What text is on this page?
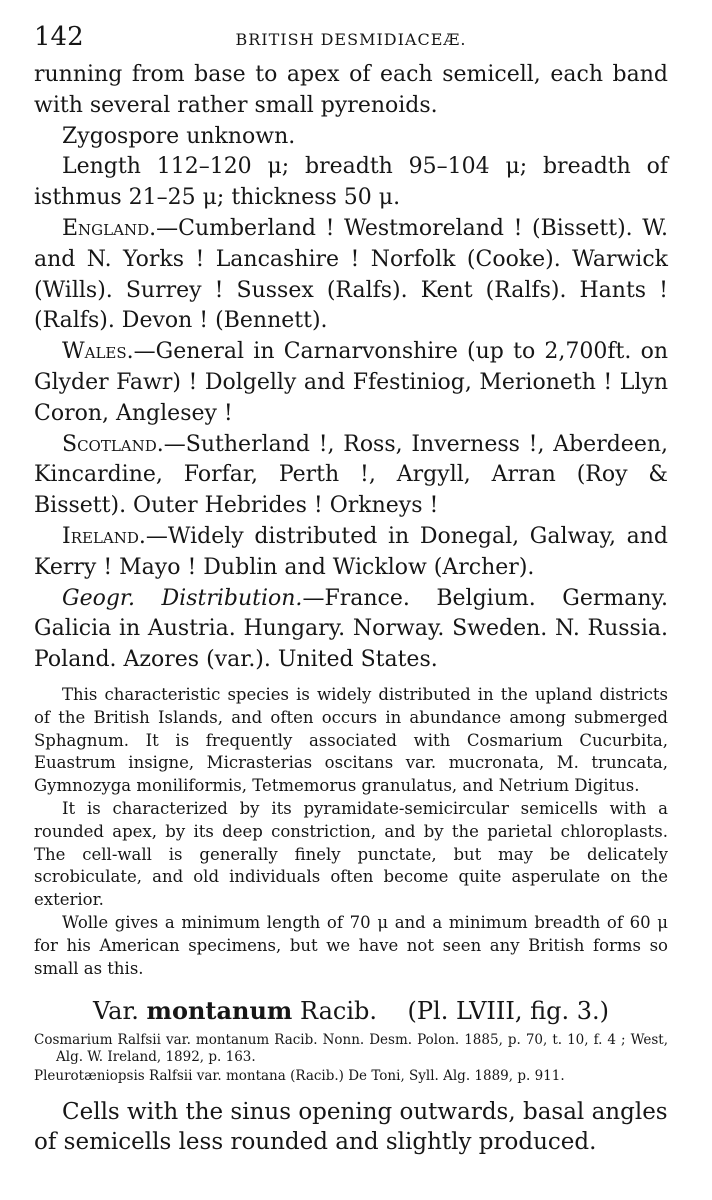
142	BRITISH DESMIDIACEÆ.

running from base to apex of each semicell, each band with several rather small pyrenoids.

Zygospore unknown.

Length 112–120 μ; breadth 95–104 μ; breadth of isthmus 21–25 μ; thickness 50 μ.

England.—Cumberland ! Westmoreland ! (Bissett). W. and N. Yorks ! Lancashire ! Norfolk (Cooke). Warwick (Wills). Surrey ! Sussex (Ralfs). Kent (Ralfs). Hants ! (Ralfs). Devon ! (Bennett).

Wales.—General in Carnarvonshire (up to 2,700ft. on Glyder Fawr) ! Dolgelly and Ffestiniog, Merioneth ! Llyn Coron, Anglesey !

Scotland.—Sutherland !, Ross, Inverness !, Aberdeen, Kincardine, Forfar, Perth !, Argyll, Arran (Roy & Bissett). Outer Hebrides ! Orkneys !

Ireland.—Widely distributed in Donegal, Galway, and Kerry ! Mayo ! Dublin and Wicklow (Archer).

Geogr. Distribution.—France. Belgium. Germany. Galicia in Austria. Hungary. Norway. Sweden. N. Russia. Poland. Azores (var.). United States.

This characteristic species is widely distributed in the upland districts of the British Islands, and often occurs in abundance among submerged Sphagnum. It is frequently associated with Cosmarium Cucurbita, Euastrum insigne, Micrasterias oscitans var. mucronata, M. truncata, Gymnozyga moniliformis, Tetmemorus granulatus, and Netrium Digitus.

It is characterized by its pyramidate-semicircular semicells with a rounded apex, by its deep constriction, and by the parietal chloroplasts. The cell-wall is generally finely punctate, but may be delicately scrobiculate, and old individuals often become quite asperulate on the exterior.

Wolle gives a minimum length of 70 μ and a minimum breadth of 60 μ for his American specimens, but we have not seen any British forms so small as this.

Var. montanum Racib. (Pl. LVIII, fig. 3.)

Cosmarium Ralfsii var. montanum Racib. Nonn. Desm. Polon. 1885, p. 70, t. 10, f. 4 ; West, Alg. W. Ireland, 1892, p. 163.

Pleurotæniopsis Ralfsii var. montana (Racib.) De Toni, Syll. Alg. 1889, p. 911.

Cells with the sinus opening outwards, basal angles of semicells less rounded and slightly produced.
